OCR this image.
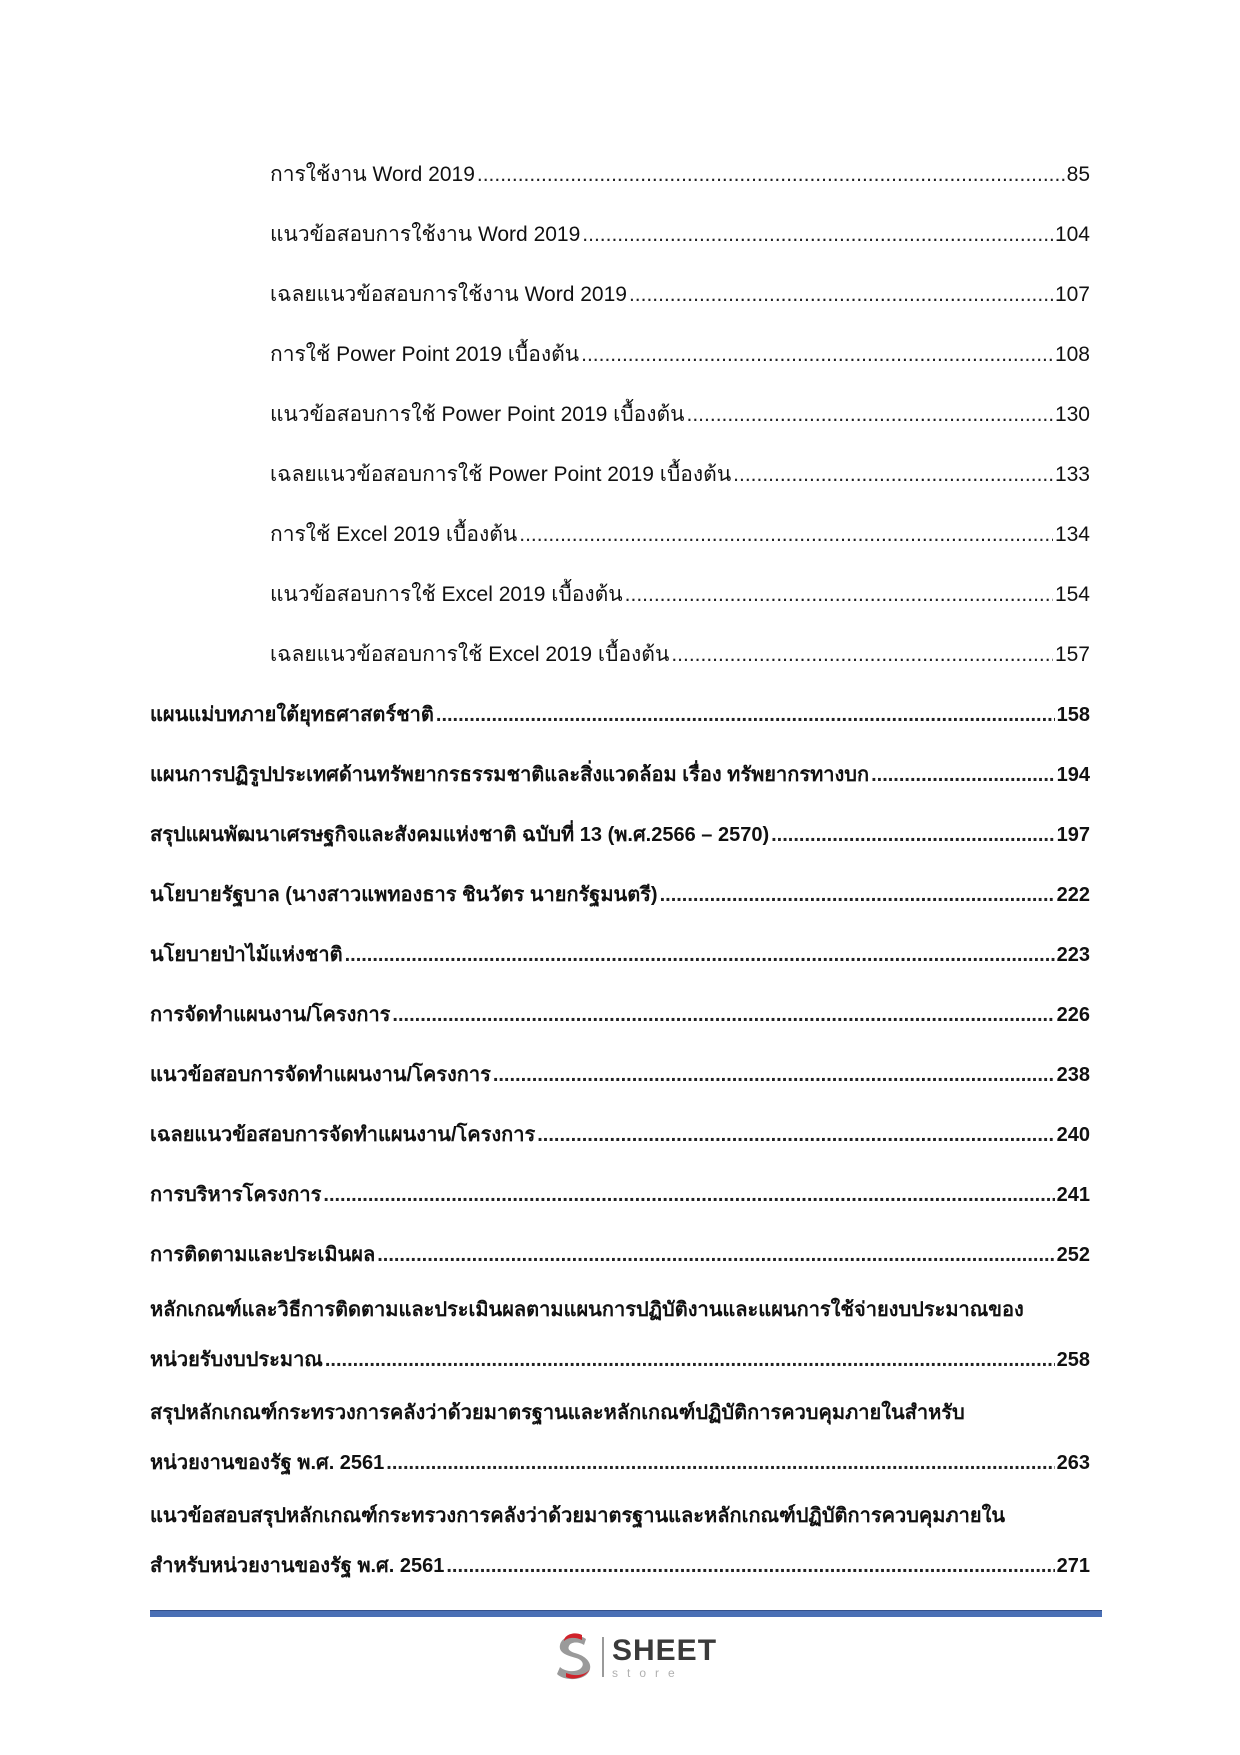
การใช้งาน Word 2019 .....	85
แนวข้อสอบการใช้งาน Word 2019 .....	104
เฉลยแนวข้อสอบการใช้งาน Word 2019 .....	107
การใช้ Power Point 2019 เบื้องต้น .....	108
แนวข้อสอบการใช้ Power Point 2019 เบื้องต้น .....	130
เฉลยแนวข้อสอบการใช้ Power Point 2019 เบื้องต้น .....	133
การใช้ Excel 2019 เบื้องต้น .....	134
แนวข้อสอบการใช้ Excel 2019 เบื้องต้น .....	154
เฉลยแนวข้อสอบการใช้ Excel 2019 เบื้องต้น .....	157
แผนแม่บทภายใต้ยุทธศาสตร์ชาติ .....	158
แผนการปฏิรูปประเทศด้านทรัพยากรธรรมชาติและสิ่งแวดล้อม เรื่อง ทรัพยากรทางบก .....	194
สรุปแผนพัฒนาเศรษฐกิจและสังคมแห่งชาติ ฉบับที่ 13 (พ.ศ.2566 – 2570) .....	197
นโยบายรัฐบาล (นางสาวแพทองธาร ชินวัตร นายกรัฐมนตรี) .....	222
นโยบายป่าไม้แห่งชาติ .....	223
การจัดทำแผนงาน/โครงการ .....	226
แนวข้อสอบการจัดทำแผนงาน/โครงการ .....	238
เฉลยแนวข้อสอบการจัดทำแผนงาน/โครงการ .....	240
การบริหารโครงการ .....	241
การติดตามและประเมินผล .....	252
หลักเกณฑ์และวิธีการติดตามและประเมินผลตามแผนการปฏิบัติงานและแผนการใช้จ่ายงบประมาณของ
หน่วยรับงบประมาณ .....	258
สรุปหลักเกณฑ์กระทรวงการคลังว่าด้วยมาตรฐานและหลักเกณฑ์ปฏิบัติการควบคุมภายในสำหรับ
หน่วยงานของรัฐ พ.ศ. 2561 .....	263
แนวข้อสอบสรุปหลักเกณฑ์กระทรวงการคลังว่าด้วยมาตรฐานและหลักเกณฑ์ปฏิบัติการควบคุมภายใน
สำหรับหน่วยงานของรัฐ พ.ศ. 2561 .....	271
SHEET
store
